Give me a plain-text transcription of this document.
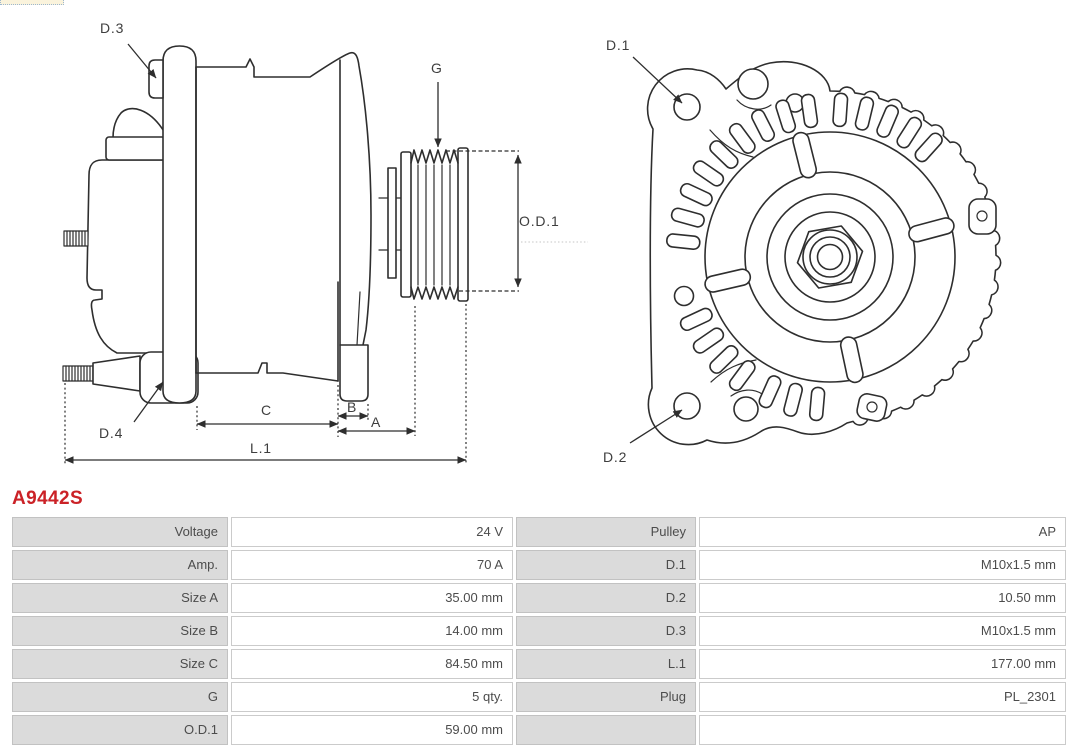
D.3
G
O.D.1
D.4
C	B
A
L.1
D.1
D.2
A9442S
Voltage	24 V	Pulley	AP
Amp.	70 A	D.1	M10x1.5 mm
Size A	35.00 mm	D.2	10.50 mm
Size B	14.00 mm	D.3	M10x1.5 mm
Size C	84.50 mm	L.1	177.00 mm
G	5 qty.	Plug	PL_2301
O.D.1	59.00 mm
